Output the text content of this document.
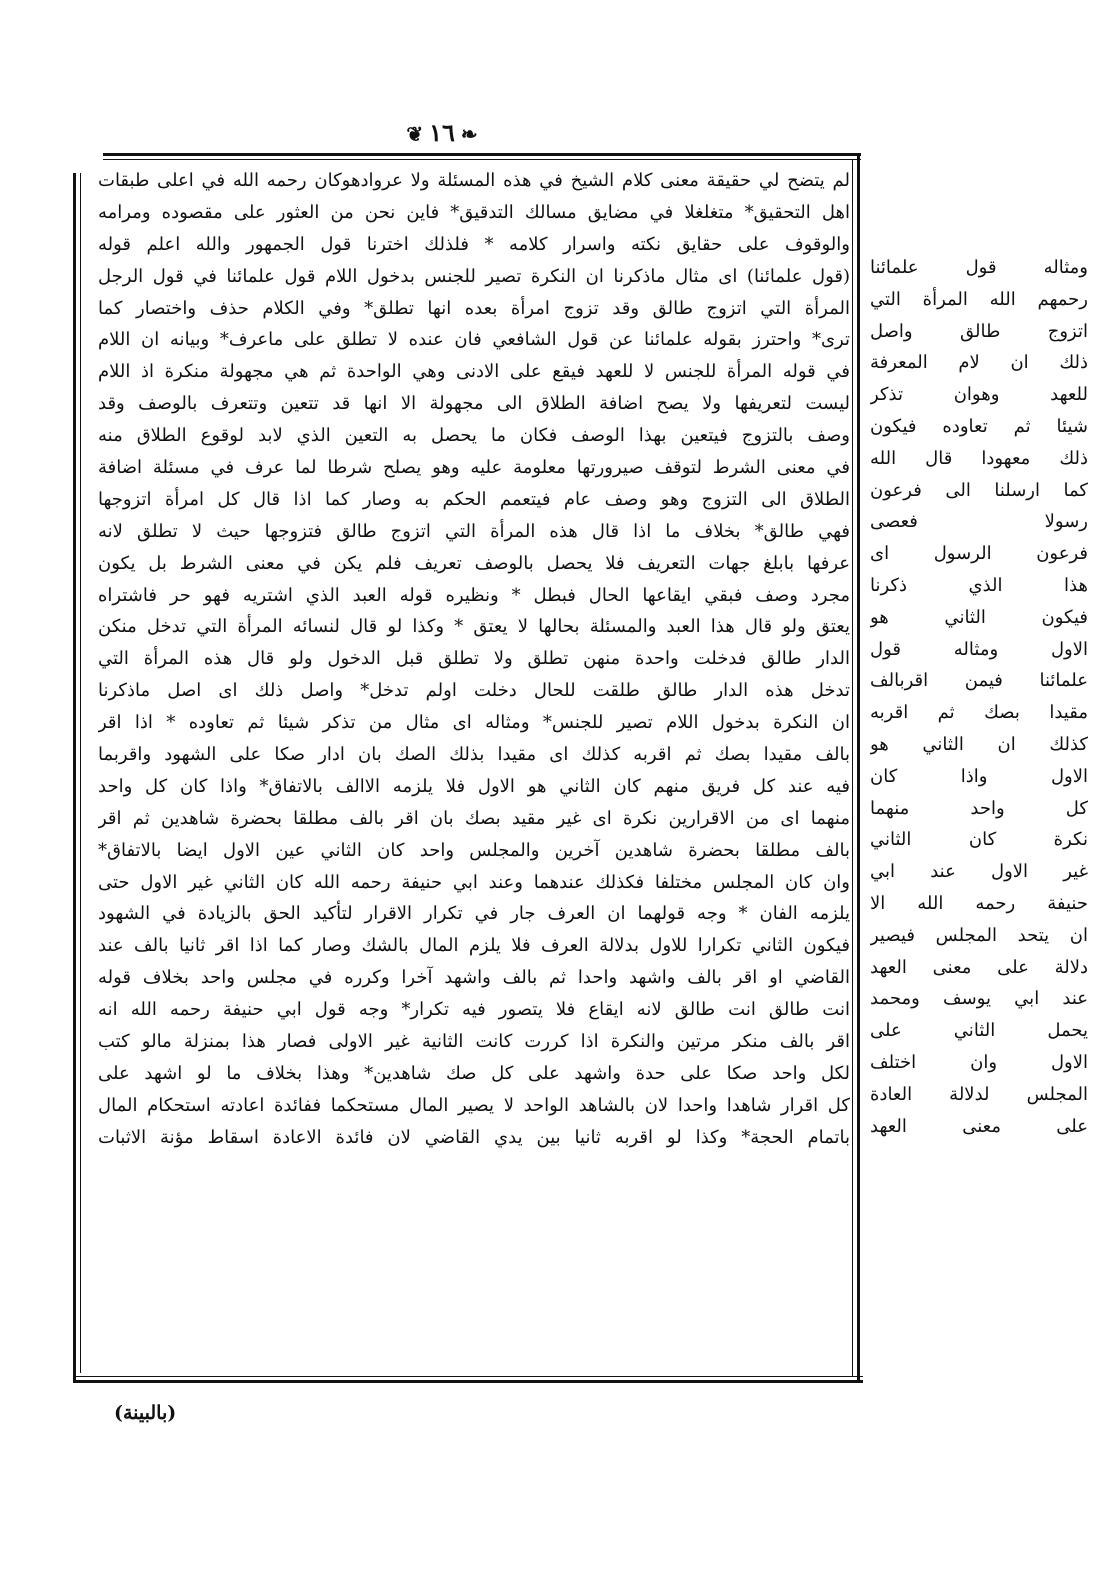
❦ ١٦ ❧
لم يتضح لي حقيقة معنى كلام الشيخ في هذه المسئلة ولا عروادهوكان رحمه الله في اعلى طبقات
اهل التحقيق* متغلغلا في مضايق مسالك التدقيق* فاين نحن من العثور على مقصوده ومرامه
والوقوف على حقايق نكته واسرار كلامه * فلذلك اخترنا قول الجمهور والله اعلم قوله
(قول علمائنا) اى مثال ماذكرنا ان النكرة تصير للجنس بدخول اللام قول علمائنا في قول الرجل
المرأة التي اتزوج طالق وقد تزوج امرأة بعده انها تطلق* وفي الكلام حذف واختصار كما
ترى* واحترز بقوله علمائنا عن قول الشافعي فان عنده لا تطلق على ماعرف* وبيانه ان اللام
في قوله المرأة للجنس لا للعهد فيقع على الادنى وهي الواحدة ثم هي مجهولة منكرة اذ اللام
ليست لتعريفها ولا يصح اضافة الطلاق الى مجهولة الا انها قد تتعين وتتعرف بالوصف وقد
وصف بالتزوج فيتعين بهذا الوصف فكان ما يحصل به التعين الذي لابد لوقوع الطلاق منه
في معنى الشرط لتوقف صيرورتها معلومة عليه وهو يصلح شرطا لما عرف في مسئلة اضافة
الطلاق الى التزوج وهو وصف عام فيتعمم الحكم به وصار كما اذا قال كل امرأة اتزوجها
فهي طالق* بخلاف ما اذا قال هذه المرأة التي اتزوج طالق فتزوجها حيث لا تطلق لانه
عرفها بابلغ جهات التعريف فلا يحصل بالوصف تعريف فلم يكن في معنى الشرط بل يكون
مجرد وصف فبقي ايقاعها الحال فبطل * ونظيره قوله العبد الذي اشتريه فهو حر فاشتراه
يعتق ولو قال هذا العبد والمسئلة بحالها لا يعتق * وكذا لو قال لنسائه المرأة التي تدخل منكن
الدار طالق فدخلت واحدة منهن تطلق ولا تطلق قبل الدخول ولو قال هذه المرأة التي
تدخل هذه الدار طالق طلقت للحال دخلت اولم تدخل* واصل ذلك اى اصل ماذكرنا
ان النكرة بدخول اللام تصير للجنس* ومثاله اى مثال من تذكر شيئا ثم تعاوده * اذا اقر
بالف مقيدا بصك ثم اقربه كذلك اى مقيدا بذلك الصك بان ادار صكا على الشهود واقربما
فيه عند كل فريق منهم كان الثاني هو الاول فلا يلزمه الاالف بالاتفاق* واذا كان كل واحد
منهما اى من الاقرارين نكرة اى غير مقيد بصك بان اقر بالف مطلقا بحضرة شاهدين ثم اقر
بالف مطلقا بحضرة شاهدين آخرين والمجلس واحد كان الثاني عين الاول ايضا بالاتفاق*
وان كان المجلس مختلفا فكذلك عندهما وعند ابي حنيفة رحمه الله كان الثاني غير الاول حتى
يلزمه الفان * وجه قولهما ان العرف جار في تكرار الاقرار لتأكيد الحق بالزيادة في الشهود
فيكون الثاني تكرارا للاول بدلالة العرف فلا يلزم المال بالشك وصار كما اذا اقر ثانيا بالف عند
القاضي او اقر بالف واشهد واحدا ثم بالف واشهد آخرا وكرره في مجلس واحد بخلاف قوله
انت طالق انت طالق لانه ايقاع فلا يتصور فيه تكرار* وجه قول ابي حنيفة رحمه الله انه
اقر بالف منكر مرتين والنكرة اذا كررت كانت الثانية غير الاولى فصار هذا بمنزلة مالو كتب
لكل واحد صكا على حدة واشهد على كل صك شاهدين* وهذا بخلاف ما لو اشهد على
كل اقرار شاهدا واحدا لان بالشاهد الواحد لا يصير المال مستحكما ففائدة اعادته استحكام المال
باتمام الحجة* وكذا لو اقربه ثانيا بين يدي القاضي لان فائدة الاعادة اسقاط مؤنة الاثبات
ومثاله قول علمائنا
رحمهم الله المرأة التي
اتزوج طالق واصل
ذلك ان لام المعرفة
للعهد وهوان تذكر
شيئا ثم تعاوده فيكون
ذلك معهودا قال الله
كما ارسلنا الى فرعون
رسولا فعصى
فرعون الرسول اى
هذا الذي ذكرنا
فيكون الثاني هو
الاول ومثاله قول
علمائنا فيمن اقربالف
مقيدا بصك ثم اقربه
كذلك ان الثاني هو
الاول واذا كان
كل واحد منهما
نكرة كان الثاني
غير الاول عند ابي
حنيفة رحمه الله الا
ان يتحد المجلس فيصير
دلالة على معنى العهد
عند ابي يوسف ومحمد
يحمل الثاني على
الاول وان اختلف
المجلس لدلالة العادة
على معنى العهد
(بالبينة)
